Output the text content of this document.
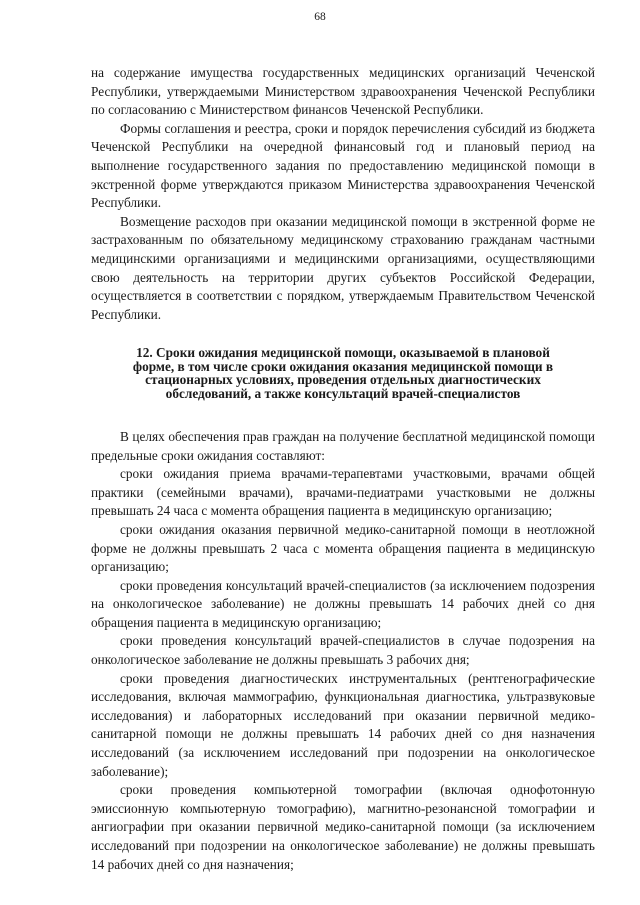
68

на содержание имущества государственных медицинских организаций Чеченской Республики, утверждаемыми Министерством здравоохранения Чеченской Республики по согласованию с Министерством финансов Чеченской Республики.

Формы соглашения и реестра, сроки и порядок перечисления субсидий из бюджета Чеченской Республики на очередной финансовый год и плановый период на выполнение государственного задания по предоставлению медицинской помощи в экстренной форме утверждаются приказом Министерства здравоохранения Чеченской Республики.

Возмещение расходов при оказании медицинской помощи в экстренной форме не застрахованным по обязательному медицинскому страхованию гражданам частными медицинскими организациями и медицинскими организациями, осуществляющими свою деятельность на территории других субъектов Российской Федерации, осуществляется в соответствии с порядком, утверждаемым Правительством Чеченской Республики.

12. Сроки ожидания медицинской помощи, оказываемой в плановой
форме, в том числе сроки ожидания оказания медицинской помощи в
стационарных условиях, проведения отдельных диагностических
обследований, а также консультаций врачей-специалистов

В целях обеспечения прав граждан на получение бесплатной медицинской помощи предельные сроки ожидания составляют:

сроки ожидания приема врачами-терапевтами участковыми, врачами общей практики (семейными врачами), врачами-педиатрами участковыми не должны превышать 24 часа с момента обращения пациента в медицинскую организацию;

сроки ожидания оказания первичной медико-санитарной помощи в неотложной форме не должны превышать 2 часа с момента обращения пациента в медицинскую организацию;

сроки проведения консультаций врачей-специалистов (за исключением подозрения на онкологическое заболевание) не должны превышать 14 рабочих дней со дня обращения пациента в медицинскую организацию;

сроки проведения консультаций врачей-специалистов в случае подозрения на онкологическое заболевание не должны превышать 3 рабочих дня;

сроки проведения диагностических инструментальных (рентгенографические исследования, включая маммографию, функциональная диагностика, ультразвуковые исследования) и лабораторных исследований при оказании первичной медико-санитарной помощи не должны превышать 14 рабочих дней со дня назначения исследований (за исключением исследований при подозрении на онкологическое заболевание);

сроки проведения компьютерной томографии (включая однофотонную эмиссионную компьютерную томографию), магнитно-резонансной томографии и ангиографии при оказании первичной медико-санитарной помощи (за исключением исследований при подозрении на онкологическое заболевание) не должны превышать 14 рабочих дней со дня назначения;
